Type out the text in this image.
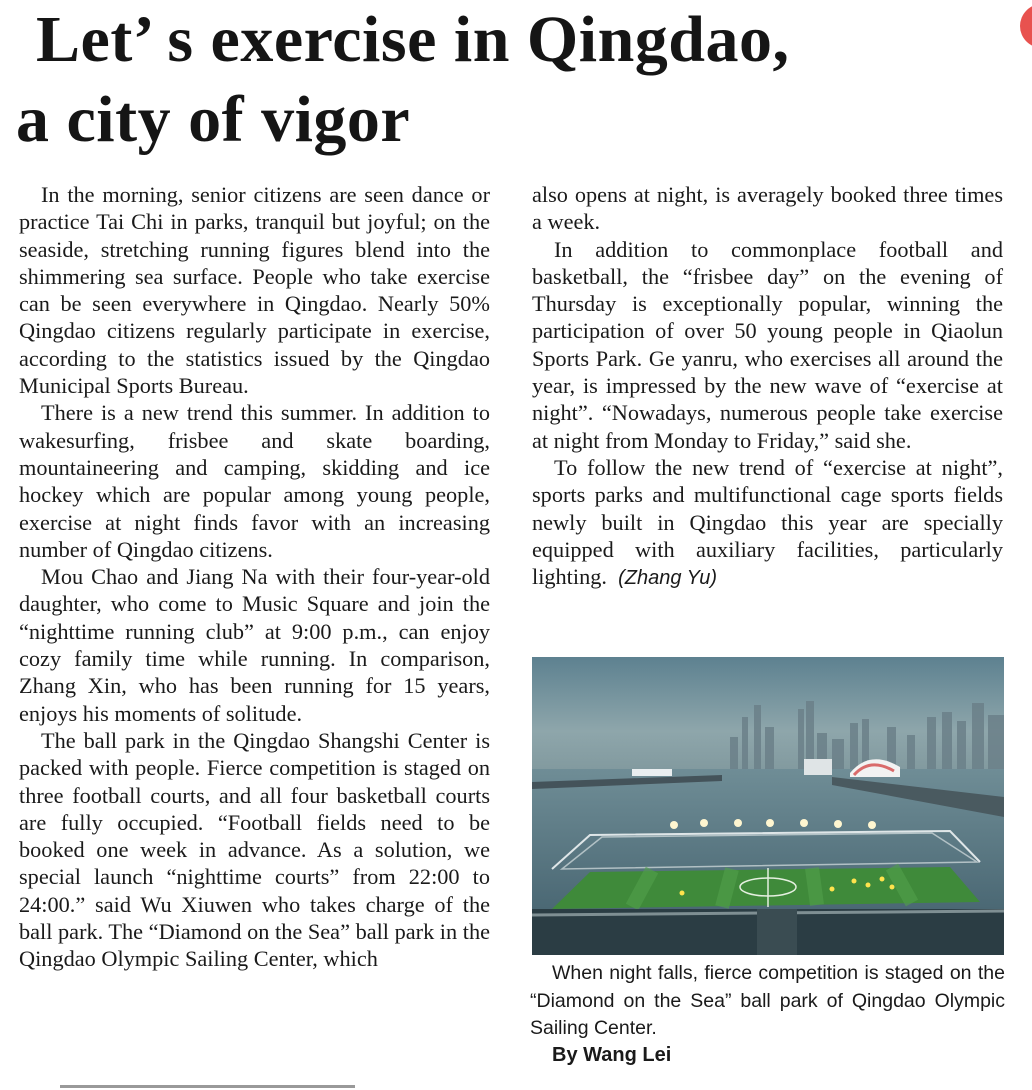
Let’ s exercise in Qingdao,
a city of vigor

In the morning, senior citizens are seen dance or practice Tai Chi in parks, tranquil but joyful; on the seaside, stretching running figures blend into the shimmering sea surface. People who take exercise can be seen everywhere in Qingdao. Nearly 50% Qingdao citizens regularly participate in exercise, according to the statistics issued by the Qingdao Municipal Sports Bureau.

There is a new trend this summer. In addition to wakesurfing, frisbee and skate boarding, mountaineering and camping, skidding and ice hockey which are popular among young people, exercise at night finds favor with an increasing number of Qingdao citizens.

Mou Chao and Jiang Na with their four-year-old daughter, who come to Music Square and join the “nighttime running club” at 9:00 p.m., can enjoy cozy family time while running. In comparison, Zhang Xin, who has been running for 15 years, enjoys his moments of solitude.

The ball park in the Qingdao Shangshi Center is packed with people. Fierce competition is staged on three football courts, and all four basketball courts are fully occupied. “Football fields need to be booked one week in advance. As a solution, we special launch “nighttime courts” from 22:00 to 24:00.” said Wu Xiuwen who takes charge of the ball park. The “Diamond on the Sea” ball park in the Qingdao Olympic Sailing Center, which

also opens at night, is averagely booked three times a week.

In addition to commonplace football and basketball, the “frisbee day” on the evening of Thursday is exceptionally popular, winning the participation of over 50 young people in Qiaolun Sports Park. Ge yanru, who exercises all around the year, is impressed by the new wave of “exercise at night”. “Nowadays, numerous people take exercise at night from Monday to Friday,” said she.

To follow the new trend of “exercise at night”, sports parks and multifunctional cage sports fields newly built in Qingdao this year are specially equipped with auxiliary facilities, particularly lighting. (Zhang Yu)

When night falls, fierce competition is staged on the “Diamond on the Sea” ball park of Qingdao Olympic Sailing Center.
By Wang Lei
